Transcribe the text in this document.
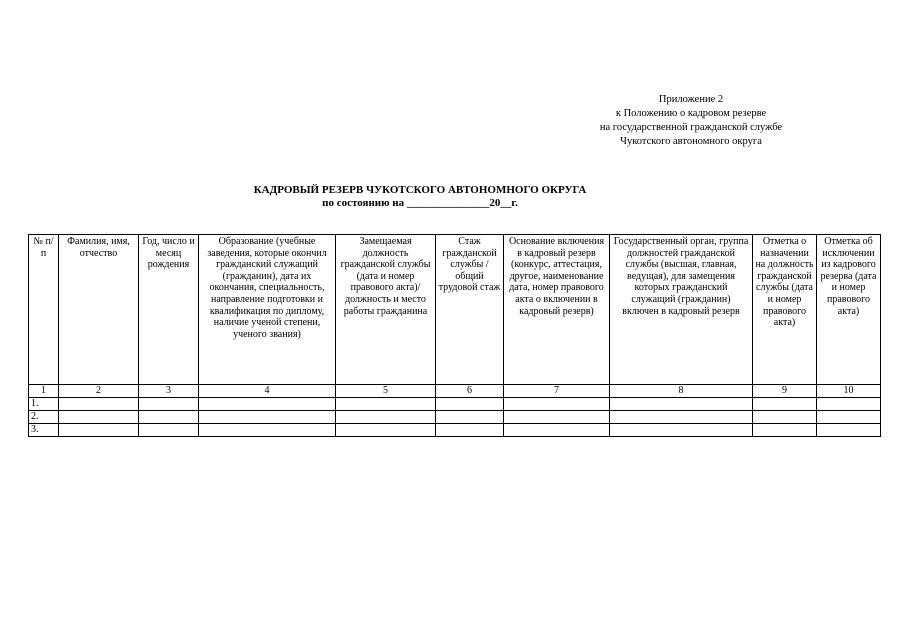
Приложение 2
к Положению о кадровом резерве
на государственной гражданской службе
Чукотского автономного округа
КАДРОВЫЙ РЕЗЕРВ ЧУКОТСКОГО АВТОНОМНОГО ОКРУГА
по состоянию на _______________20__г.
№ п/п	Фамилия, имя, отчество	Год, число и месяц рождения	Образование (учебные заведения, которые окончил гражданский служащий (гражданин), дата их окончания, специальность, направление подготовки и квалификация по диплому, наличие ученой степени, ученого звания)	Замещаемая должность гражданской службы (дата и номер правового акта)/ должность и место работы гражданина	Стаж гражданской службы / общий трудовой стаж	Основание включения в кадровый резерв (конкурс, аттестация, другое, наименование дата, номер правового акта о включении в кадровый резерв)	Государственный орган, группа должностей гражданской службы (высшая, главная, ведущая), для замещения которых гражданский служащий (гражданин) включен в кадровый резерв	Отметка о назначении на должность гражданской службы (дата и номер правового акта)	Отметка об исключении из кадрового резерва (дата и номер правового акта)
1	2	3	4	5	6	7	8	9	10
1.									
2.									
3.									
